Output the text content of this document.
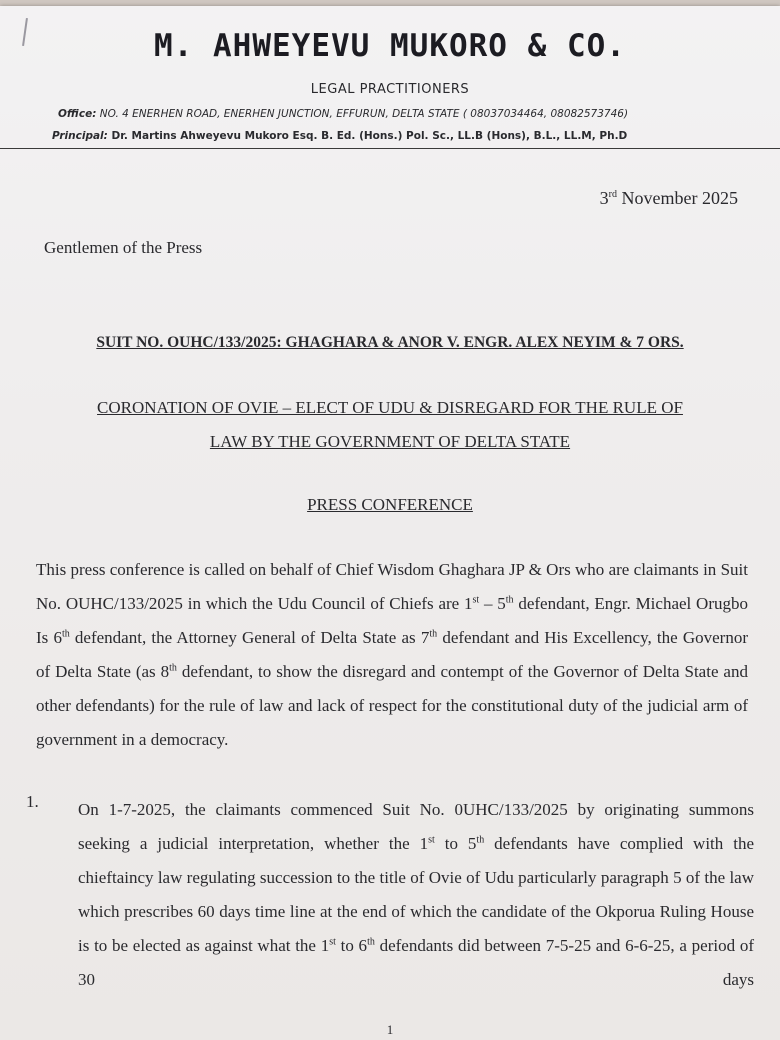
M. AHWEYEVU MUKORO & CO.
LEGAL PRACTITIONERS
Office: NO. 4 ENERHEN ROAD, ENERHEN JUNCTION, EFFURUN, DELTA STATE ( 08037034464, 08082573746)
Principal: Dr. Martins Ahweyevu Mukoro Esq. B. Ed. (Hons.) Pol. Sc., LL.B (Hons), B.L., LL.M, Ph.D
3rd November 2025
Gentlemen of the Press
SUIT NO. OUHC/133/2025: GHAGHARA & ANOR V. ENGR. ALEX NEYIM & 7 ORS.
CORONATION OF OVIE – ELECT OF UDU & DISREGARD FOR THE RULE OF
LAW BY THE GOVERNMENT OF DELTA STATE
PRESS CONFERENCE
This press conference is called on behalf of Chief Wisdom Ghaghara JP & Ors who are claimants in Suit No. OUHC/133/2025 in which the Udu Council of Chiefs are 1st – 5th defendant, Engr. Michael Orugbo Is 6th defendant, the Attorney General of Delta State as 7th defendant and His Excellency, the Governor of Delta State (as 8th defendant, to show the disregard and contempt of the Governor of Delta State and other defendants) for the rule of law and lack of respect for the constitutional duty of the judicial arm of government in a democracy.
1. On 1-7-2025, the claimants commenced Suit No. 0UHC/133/2025 by originating summons seeking a judicial interpretation, whether the 1st to 5th defendants have complied with the chieftaincy law regulating succession to the title of Ovie of Udu particularly paragraph 5 of the law which prescribes 60 days time line at the end of which the candidate of the Okporua Ruling House is to be elected as against what the 1st to 6th defendants did between 7-5-25 and 6-6-25, a period of 30 days
1
